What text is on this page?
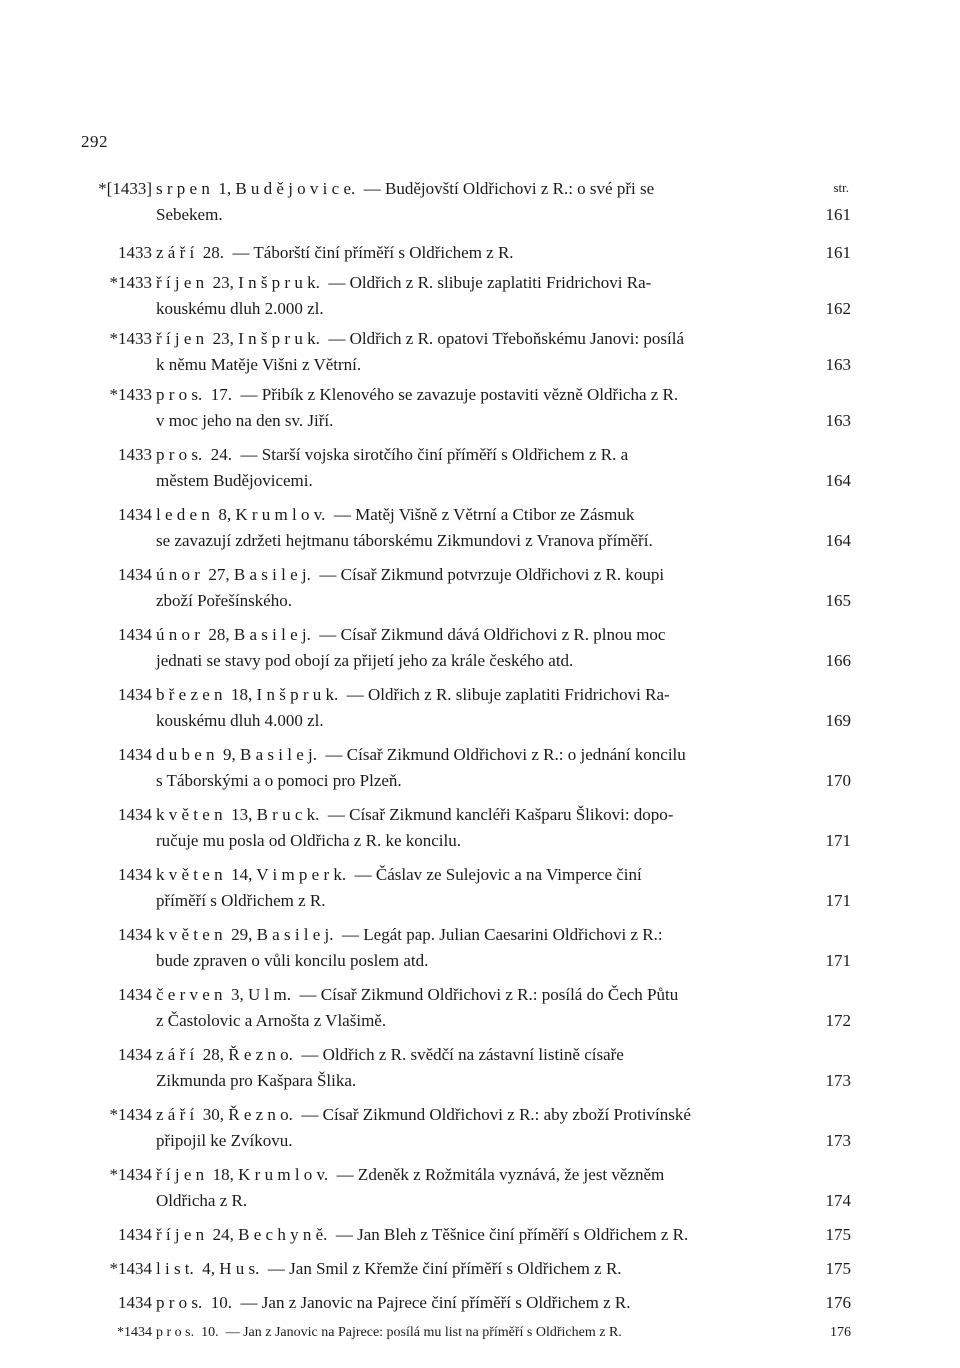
292
str.
*[1433] s r p e n  1, B u d ě j o v i c e.  — Budějovští Oldřichovi z R.: o své při se
Sebekem.	161
1433 z á ř í  28.  — Táborští činí příměří s Oldřichem z R.	161
*1433 ř í j e n  23, I n š p r u k.  — Oldřich z R. slibuje zaplatiti Fridrichovi Ra-
kouskému dluh 2.000 zl.	162
*1433 ř í j e n  23, I n š p r u k.  — Oldřich z R. opatovi Třeboňskému Janovi: posílá
k němu Matěje Višni z Větrní.	163
*1433 p r o s.  17.  — Přibík z Klenového se zavazuje postaviti vězně Oldřicha z R.
v moc jeho na den sv. Jiří.	163
1433 p r o s.  24.  — Starší vojska sirotčího činí příměří s Oldřichem z R. a
městem Budějovicemi.	164
1434 l e d e n  8, K r u m l o v.  — Matěj Višně z Větrní a Ctibor ze Zásmuk
se zavazují zdržeti hejtmanu táborskému Zikmundovi z Vranova příměří.	164
1434 ú n o r  27, B a s i l e j.  — Císař Zikmund potvrzuje Oldřichovi z R. koupi
zboží Pořešínského.	165
1434 ú n o r  28, B a s i l e j.  — Císař Zikmund dává Oldřichovi z R. plnou moc
jednati se stavy pod obojí za přijetí jeho za krále českého atd.	166
1434 b ř e z e n  18, I n š p r u k.  — Oldřich z R. slibuje zaplatiti Fridrichovi Ra-
kouskému dluh 4.000 zl.	169
1434 d u b e n  9, B a s i l e j.  — Císař Zikmund Oldřichovi z R.: o jednání koncilu
s Táborskými a o pomoci pro Plzeň.	170
1434 k v ě t e n  13, B r u c k.  — Císař Zikmund kancléři Kašparu Šlikovi: dopo-
ručuje mu posla od Oldřicha z R. ke koncilu.	171
1434 k v ě t e n  14, V i m p e r k.  — Čáslav ze Sulejovic a na Vimperce činí
příměří s Oldřichem z R.	171
1434 k v ě t e n  29, B a s i l e j.  — Legát pap. Julian Caesarini Oldřichovi z R.:
bude zpraven o vůli koncilu poslem atd.	171
1434 č e r v e n  3, U l m.  — Císař Zikmund Oldřichovi z R.: posílá do Čech Půtu
z Častolovic a Arnošta z Vlašimě.	172
1434 z á ř í  28, Ř e z n o.  — Oldřich z R. svědčí na zástavní listině císaře
Zikmunda pro Kašpara Šlika.	173
*1434 z á ř í  30, Ř e z n o.  — Císař Zikmund Oldřichovi z R.: aby zboží Protivínské
připojil ke Zvíkovu.	173
*1434 ř í j e n  18, K r u m l o v.  — Zdeněk z Rožmitála vyznává, že jest vězněm
Oldřicha z R.	174
1434 ř í j e n  24, B e c h y n ě.  — Jan Bleh z Těšnice činí příměří s Oldřichem z R.	175
*1434 l i s t.  4, H u s.  — Jan Smil z Křemže činí příměří s Oldřichem z R.	175
1434 p r o s.  10.  — Jan z Janovic na Pajrece činí příměří s Oldřichem z R.	176
*1434 p r o s.  10.  — Jan z Janovic na Pajrece: posílá mu list na příměří s Oldřichem z R.	176
